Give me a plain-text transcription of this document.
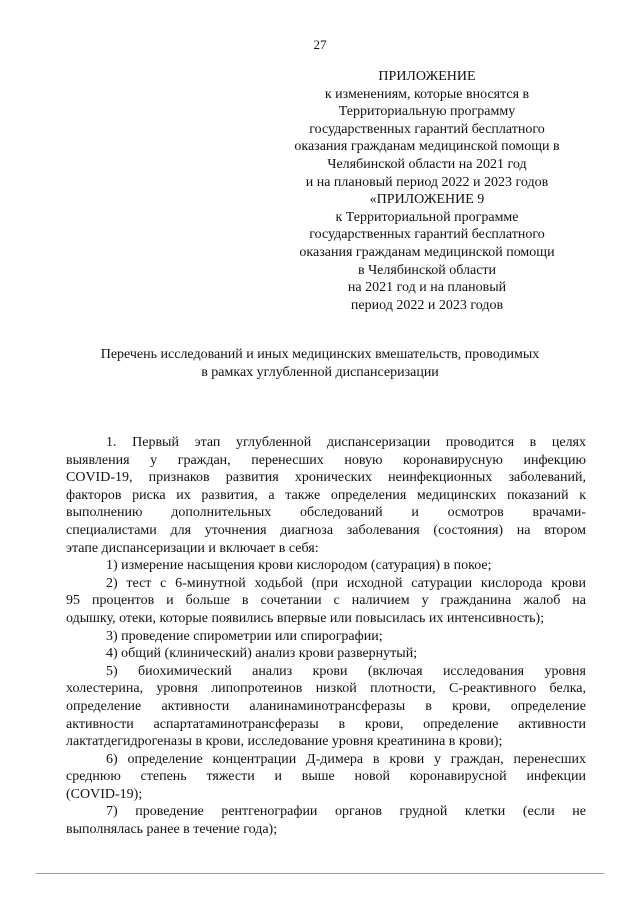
27
ПРИЛОЖЕНИЕ
к изменениям, которые вносятся в
Территориальную программу
государственных гарантий бесплатного
оказания гражданам медицинской помощи в
Челябинской области на 2021 год
и на плановый период 2022 и 2023 годов
«ПРИЛОЖЕНИЕ 9
к Территориальной программе
государственных гарантий бесплатного
оказания гражданам медицинской помощи
в Челябинской области
на 2021 год и на плановый
период 2022 и 2023 годов
Перечень исследований и иных медицинских вмешательств, проводимых
в рамках углубленной диспансеризации
1. Первый этап углубленной диспансеризации проводится в целях
выявления у граждан, перенесших новую коронавирусную инфекцию
COVID-19, признаков развития хронических неинфекционных заболеваний,
факторов риска их развития, а также определения медицинских показаний к
выполнению дополнительных обследований и осмотров врачами-
специалистами для уточнения диагноза заболевания (состояния) на втором
этапе диспансеризации и включает в себя:
1) измерение насыщения крови кислородом (сатурация) в покое;
2) тест с 6-минутной ходьбой (при исходной сатурации кислорода крови
95 процентов и больше в сочетании с наличием у гражданина жалоб на
одышку, отеки, которые появились впервые или повысилась их интенсивность);
3) проведение спирометрии или спирографии;
4) общий (клинический) анализ крови развернутый;
5) биохимический анализ крови (включая исследования уровня
холестерина, уровня липопротеинов низкой плотности, С-реактивного белка,
определение активности аланинаминотрансферазы в крови, определение
активности аспартатаминотрансферазы в крови, определение активности
лактатдегидрогеназы в крови, исследование уровня креатинина в крови);
6) определение концентрации Д-димера в крови у граждан, перенесших
среднюю степень тяжести и выше новой коронавирусной инфекции
(COVID-19);
7) проведение рентгенографии органов грудной клетки (если не
выполнялась ранее в течение года);
